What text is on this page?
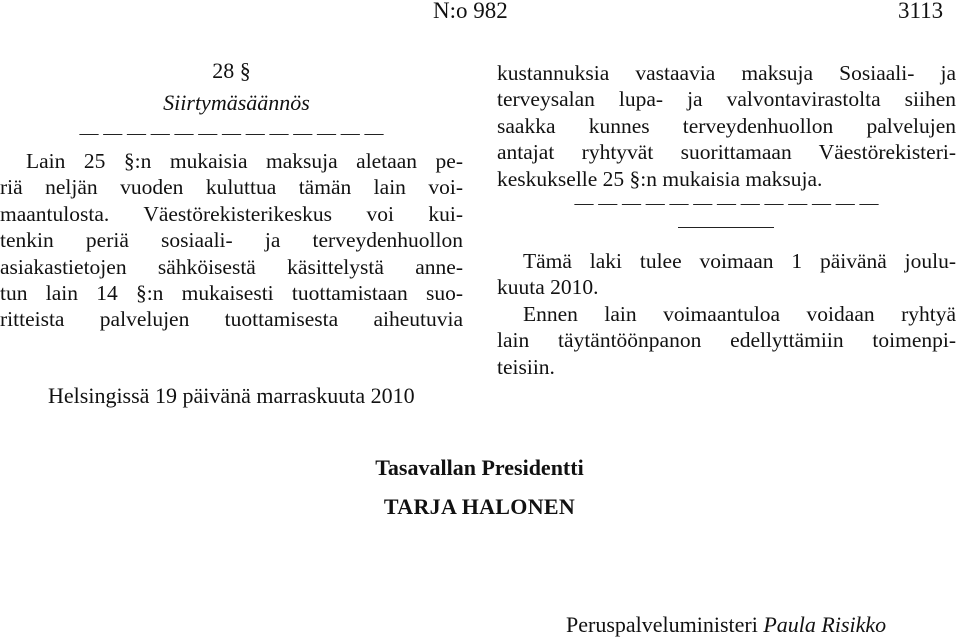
N:o 982	3113
28 §
Siirtymäsäännös
— — — — — — — — — — — — —
Lain 25 §:n mukaisia maksuja aletaan pe-
riä neljän vuoden kuluttua tämän lain voi-
maantulosta. Väestörekisterikeskus voi kui-
tenkin periä sosiaali- ja terveydenhuollon
asiakastietojen sähköisestä käsittelystä anne-
tun lain 14 §:n mukaisesti tuottamistaan suo-
ritteista palvelujen tuottamisesta aiheutuvia
kustannuksia vastaavia maksuja Sosiaali- ja
terveysalan lupa- ja valvontavirastolta siihen
saakka kunnes terveydenhuollon palvelujen
antajat ryhtyvät suorittamaan Väestörekisteri-
keskukselle 25 §:n mukaisia maksuja.
— — — — — — — — — — — — —
Tämä laki tulee voimaan 1 päivänä joulu-
kuuta 2010.
Ennen lain voimaantuloa voidaan ryhtyä
lain täytäntöönpanon edellyttämiin toimenpi-
teisiin.
Helsingissä 19 päivänä marraskuuta 2010
Tasavallan Presidentti
TARJA HALONEN
Peruspalveluministeri Paula Risikko
